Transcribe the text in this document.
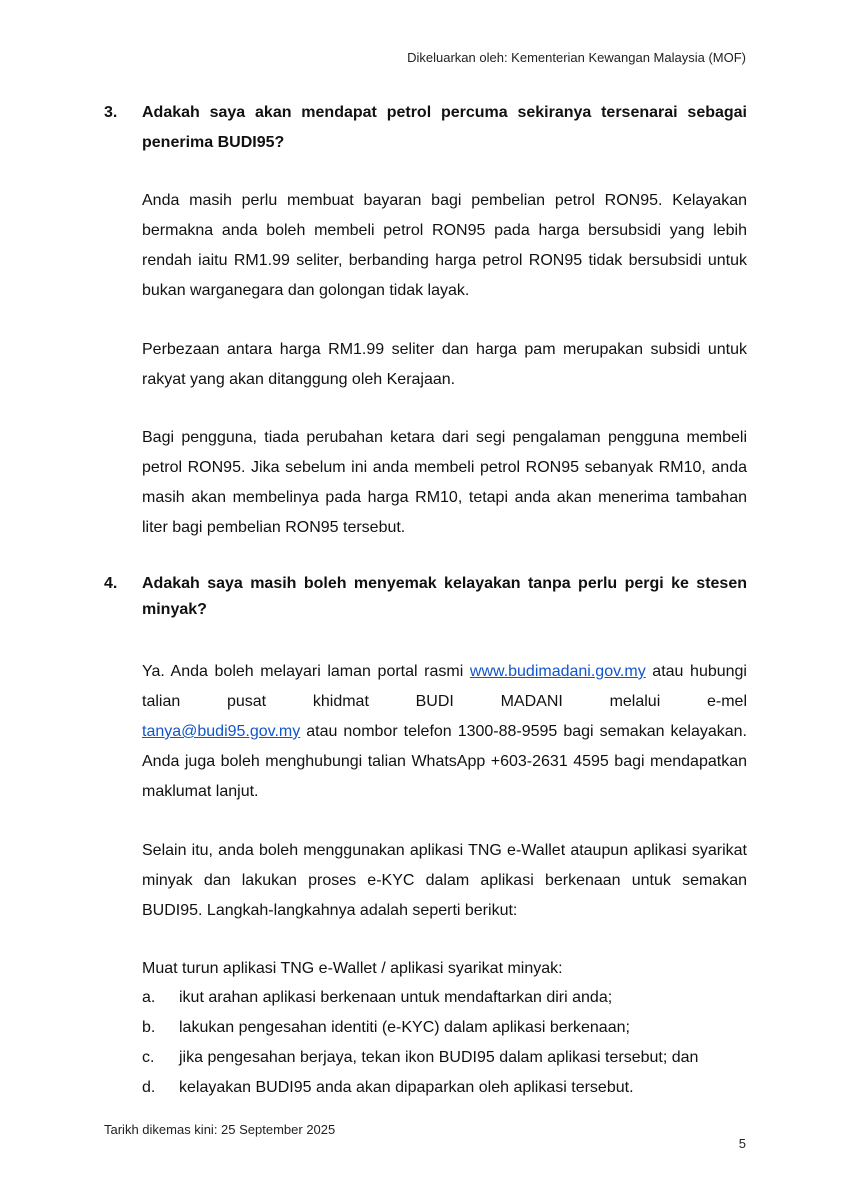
Dikeluarkan oleh: Kementerian Kewangan Malaysia (MOF)
3. Adakah saya akan mendapat petrol percuma sekiranya tersenarai sebagai penerima BUDI95?
Anda masih perlu membuat bayaran bagi pembelian petrol RON95. Kelayakan bermakna anda boleh membeli petrol RON95 pada harga bersubsidi yang lebih rendah iaitu RM1.99 seliter, berbanding harga petrol RON95 tidak bersubsidi untuk bukan warganegara dan golongan tidak layak.
Perbezaan antara harga RM1.99 seliter dan harga pam merupakan subsidi untuk rakyat yang akan ditanggung oleh Kerajaan.
Bagi pengguna, tiada perubahan ketara dari segi pengalaman pengguna membeli petrol RON95. Jika sebelum ini anda membeli petrol RON95 sebanyak RM10, anda masih akan membelinya pada harga RM10, tetapi anda akan menerima tambahan liter bagi pembelian RON95 tersebut.
4. Adakah saya masih boleh menyemak kelayakan tanpa perlu pergi ke stesen minyak?
Ya. Anda boleh melayari laman portal rasmi www.budimadani.gov.my atau hubungi talian pusat khidmat BUDI MADANI melalui e-mel
tanya@budi95.gov.my atau nombor telefon 1300-88-9595 bagi semakan kelayakan. Anda juga boleh menghubungi talian WhatsApp +603-2631 4595 bagi mendapatkan maklumat lanjut.
Selain itu, anda boleh menggunakan aplikasi TNG e-Wallet ataupun aplikasi syarikat minyak dan lakukan proses e-KYC dalam aplikasi berkenaan untuk semakan BUDI95. Langkah-langkahnya adalah seperti berikut:
Muat turun aplikasi TNG e-Wallet / aplikasi syarikat minyak:
a. ikut arahan aplikasi berkenaan untuk mendaftarkan diri anda;
b. lakukan pengesahan identiti (e-KYC) dalam aplikasi berkenaan;
c. jika pengesahan berjaya, tekan ikon BUDI95 dalam aplikasi tersebut; dan
d. kelayakan BUDI95 anda akan dipaparkan oleh aplikasi tersebut.
Tarikh dikemas kini: 25 September 2025
5
